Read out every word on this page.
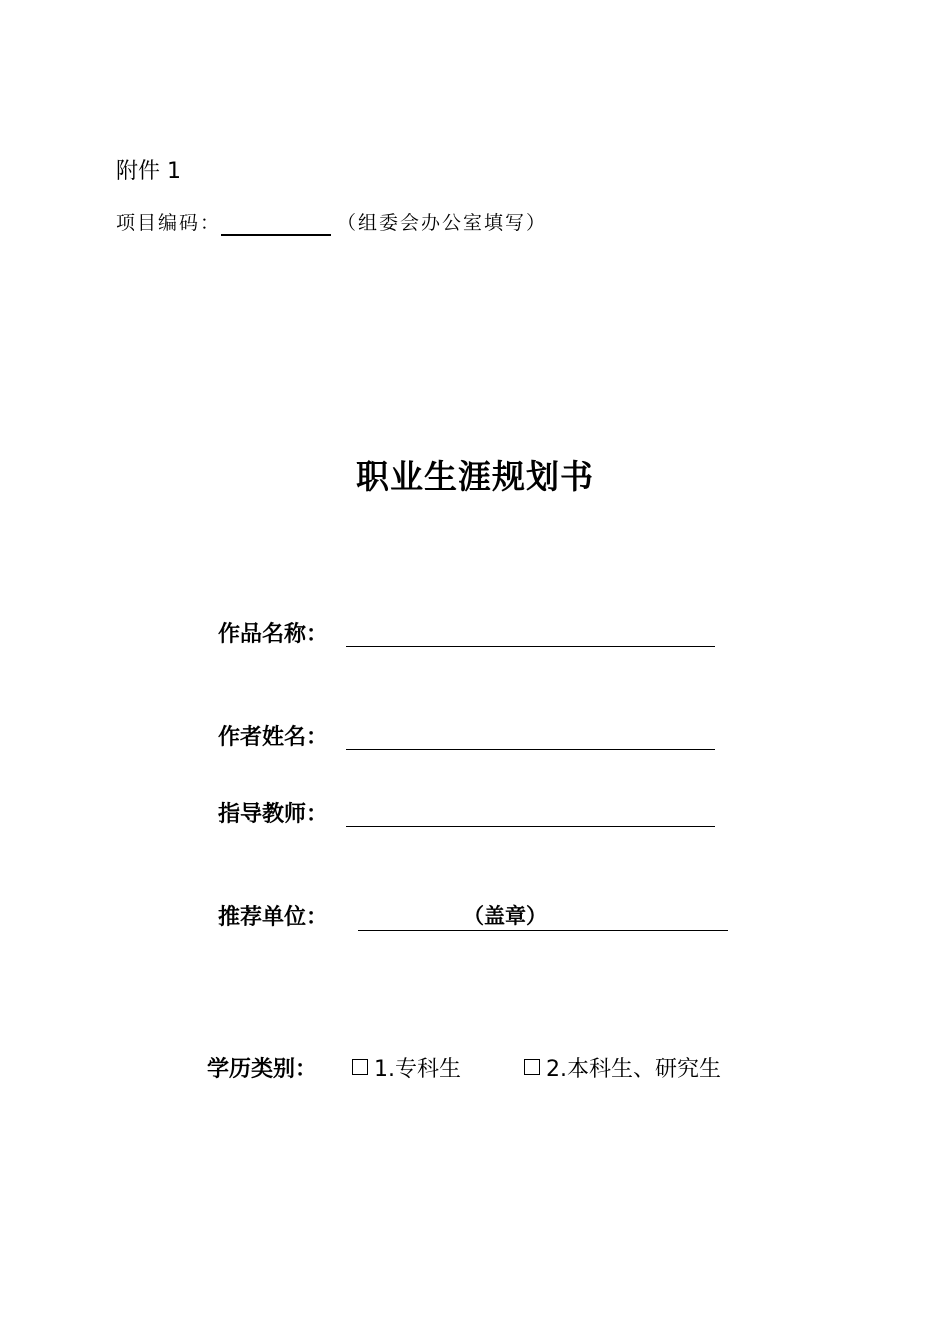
附件 1
项目编码：	（组委会办公室填写）
职业生涯规划书
作品名称：
作者姓名：
指导教师：
推荐单位：	（盖章）
学历类别：	1.专科生	2.本科生、研究生
